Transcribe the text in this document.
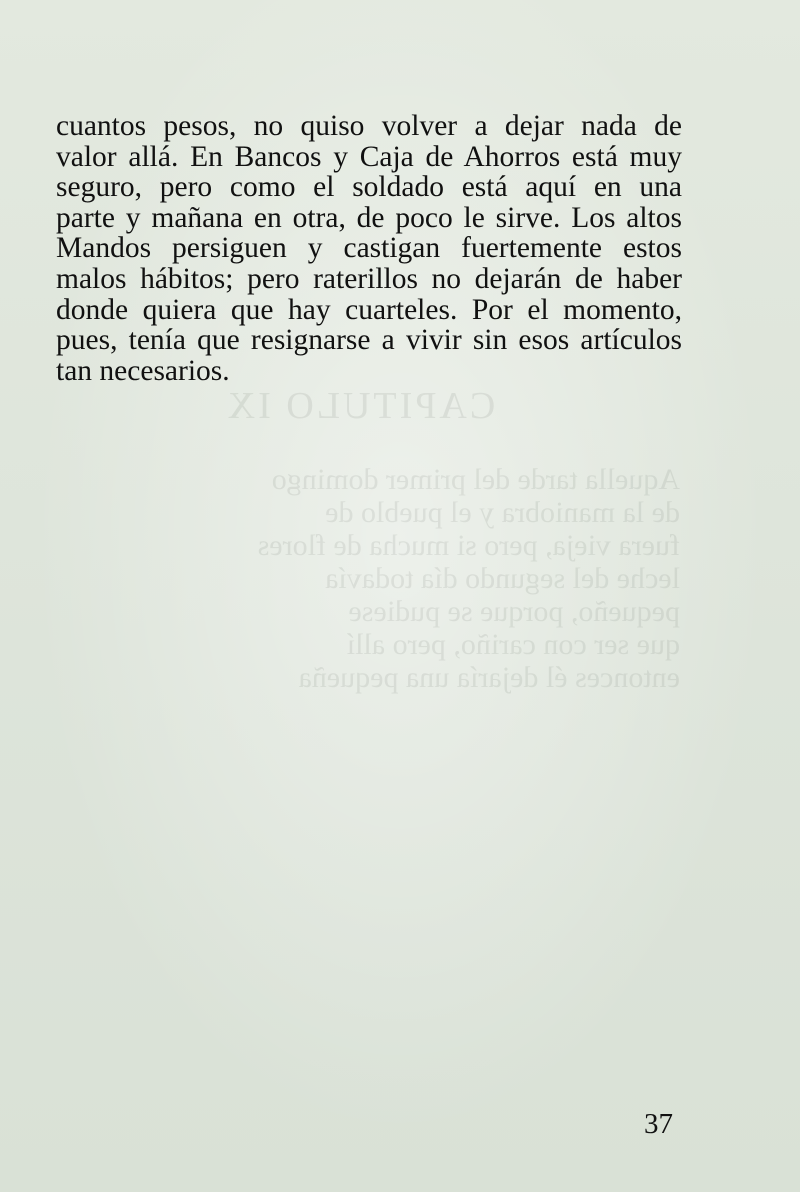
CAPITULO IX
Aquella tarde del primer domingo
de la maniobra y el pueblo de
fuera vieja, pero si mucha de flores
leche del segundo día todavía
pequeño, porque se pudiese
que ser con cariño, pero allí
entonces él dejaría una pequeña
cuantos pesos, no quiso volver a dejar nada de
valor allá. En Bancos y Caja de Ahorros está muy
seguro, pero como el soldado está aquí en una
parte y mañana en otra, de poco le sirve. Los altos
Mandos persiguen y castigan fuertemente estos
malos hábitos; pero raterillos no dejarán de haber
donde quiera que hay cuarteles. Por el momento,
pues, tenía que resignarse a vivir sin esos artículos
tan necesarios.

37
